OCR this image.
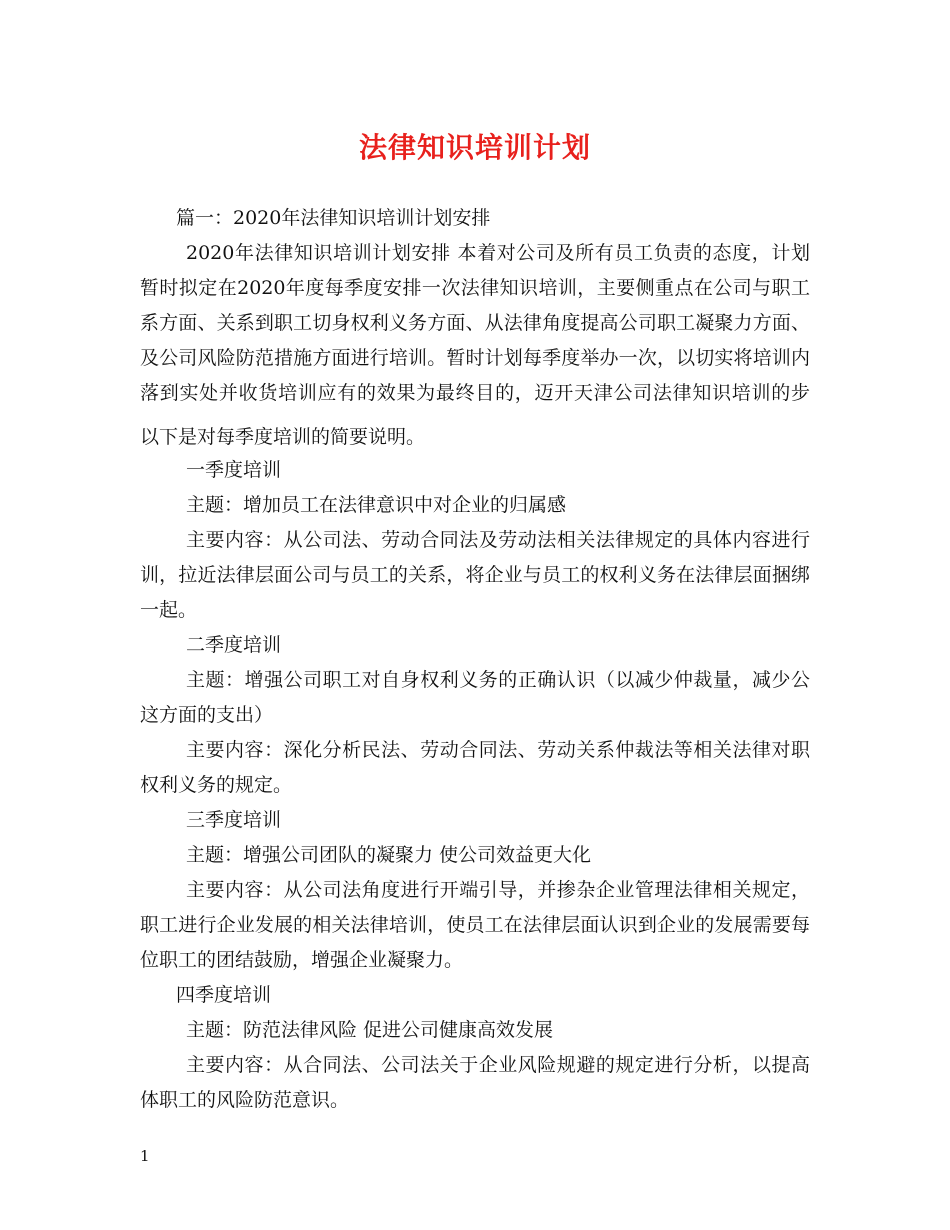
法律知识培训计划
篇一：2020年法律知识培训计划安排
2020年法律知识培训计划安排 本着对公司及所有员工负责的态度，计划
暂时拟定在2020年度每季度安排一次法律知识培训，主要侧重点在公司与职工
系方面、关系到职工切身权利义务方面、从法律角度提高公司职工凝聚力方面、
及公司风险防范措施方面进行培训。暂时计划每季度举办一次，以切实将培训内
落到实处并收货培训应有的效果为最终目的，迈开天津公司法律知识培训的步
以下是对每季度培训的简要说明。
一季度培训
主题：增加员工在法律意识中对企业的归属感
主要内容：从公司法、劳动合同法及劳动法相关法律规定的具体内容进行
训，拉近法律层面公司与员工的关系，将企业与员工的权利义务在法律层面捆绑
一起。
二季度培训
主题：增强公司职工对自身权利义务的正确认识（以减少仲裁量，减少公
这方面的支出）
主要内容：深化分析民法、劳动合同法、劳动关系仲裁法等相关法律对职
权利义务的规定。
三季度培训
主题：增强公司团队的凝聚力 使公司效益更大化
主要内容：从公司法角度进行开端引导，并掺杂企业管理法律相关规定，
职工进行企业发展的相关法律培训，使员工在法律层面认识到企业的发展需要每
位职工的团结鼓励，增强企业凝聚力。
四季度培训
主题：防范法律风险 促进公司健康高效发展
主要内容：从合同法、公司法关于企业风险规避的规定进行分析，以提高
体职工的风险防范意识。
1
